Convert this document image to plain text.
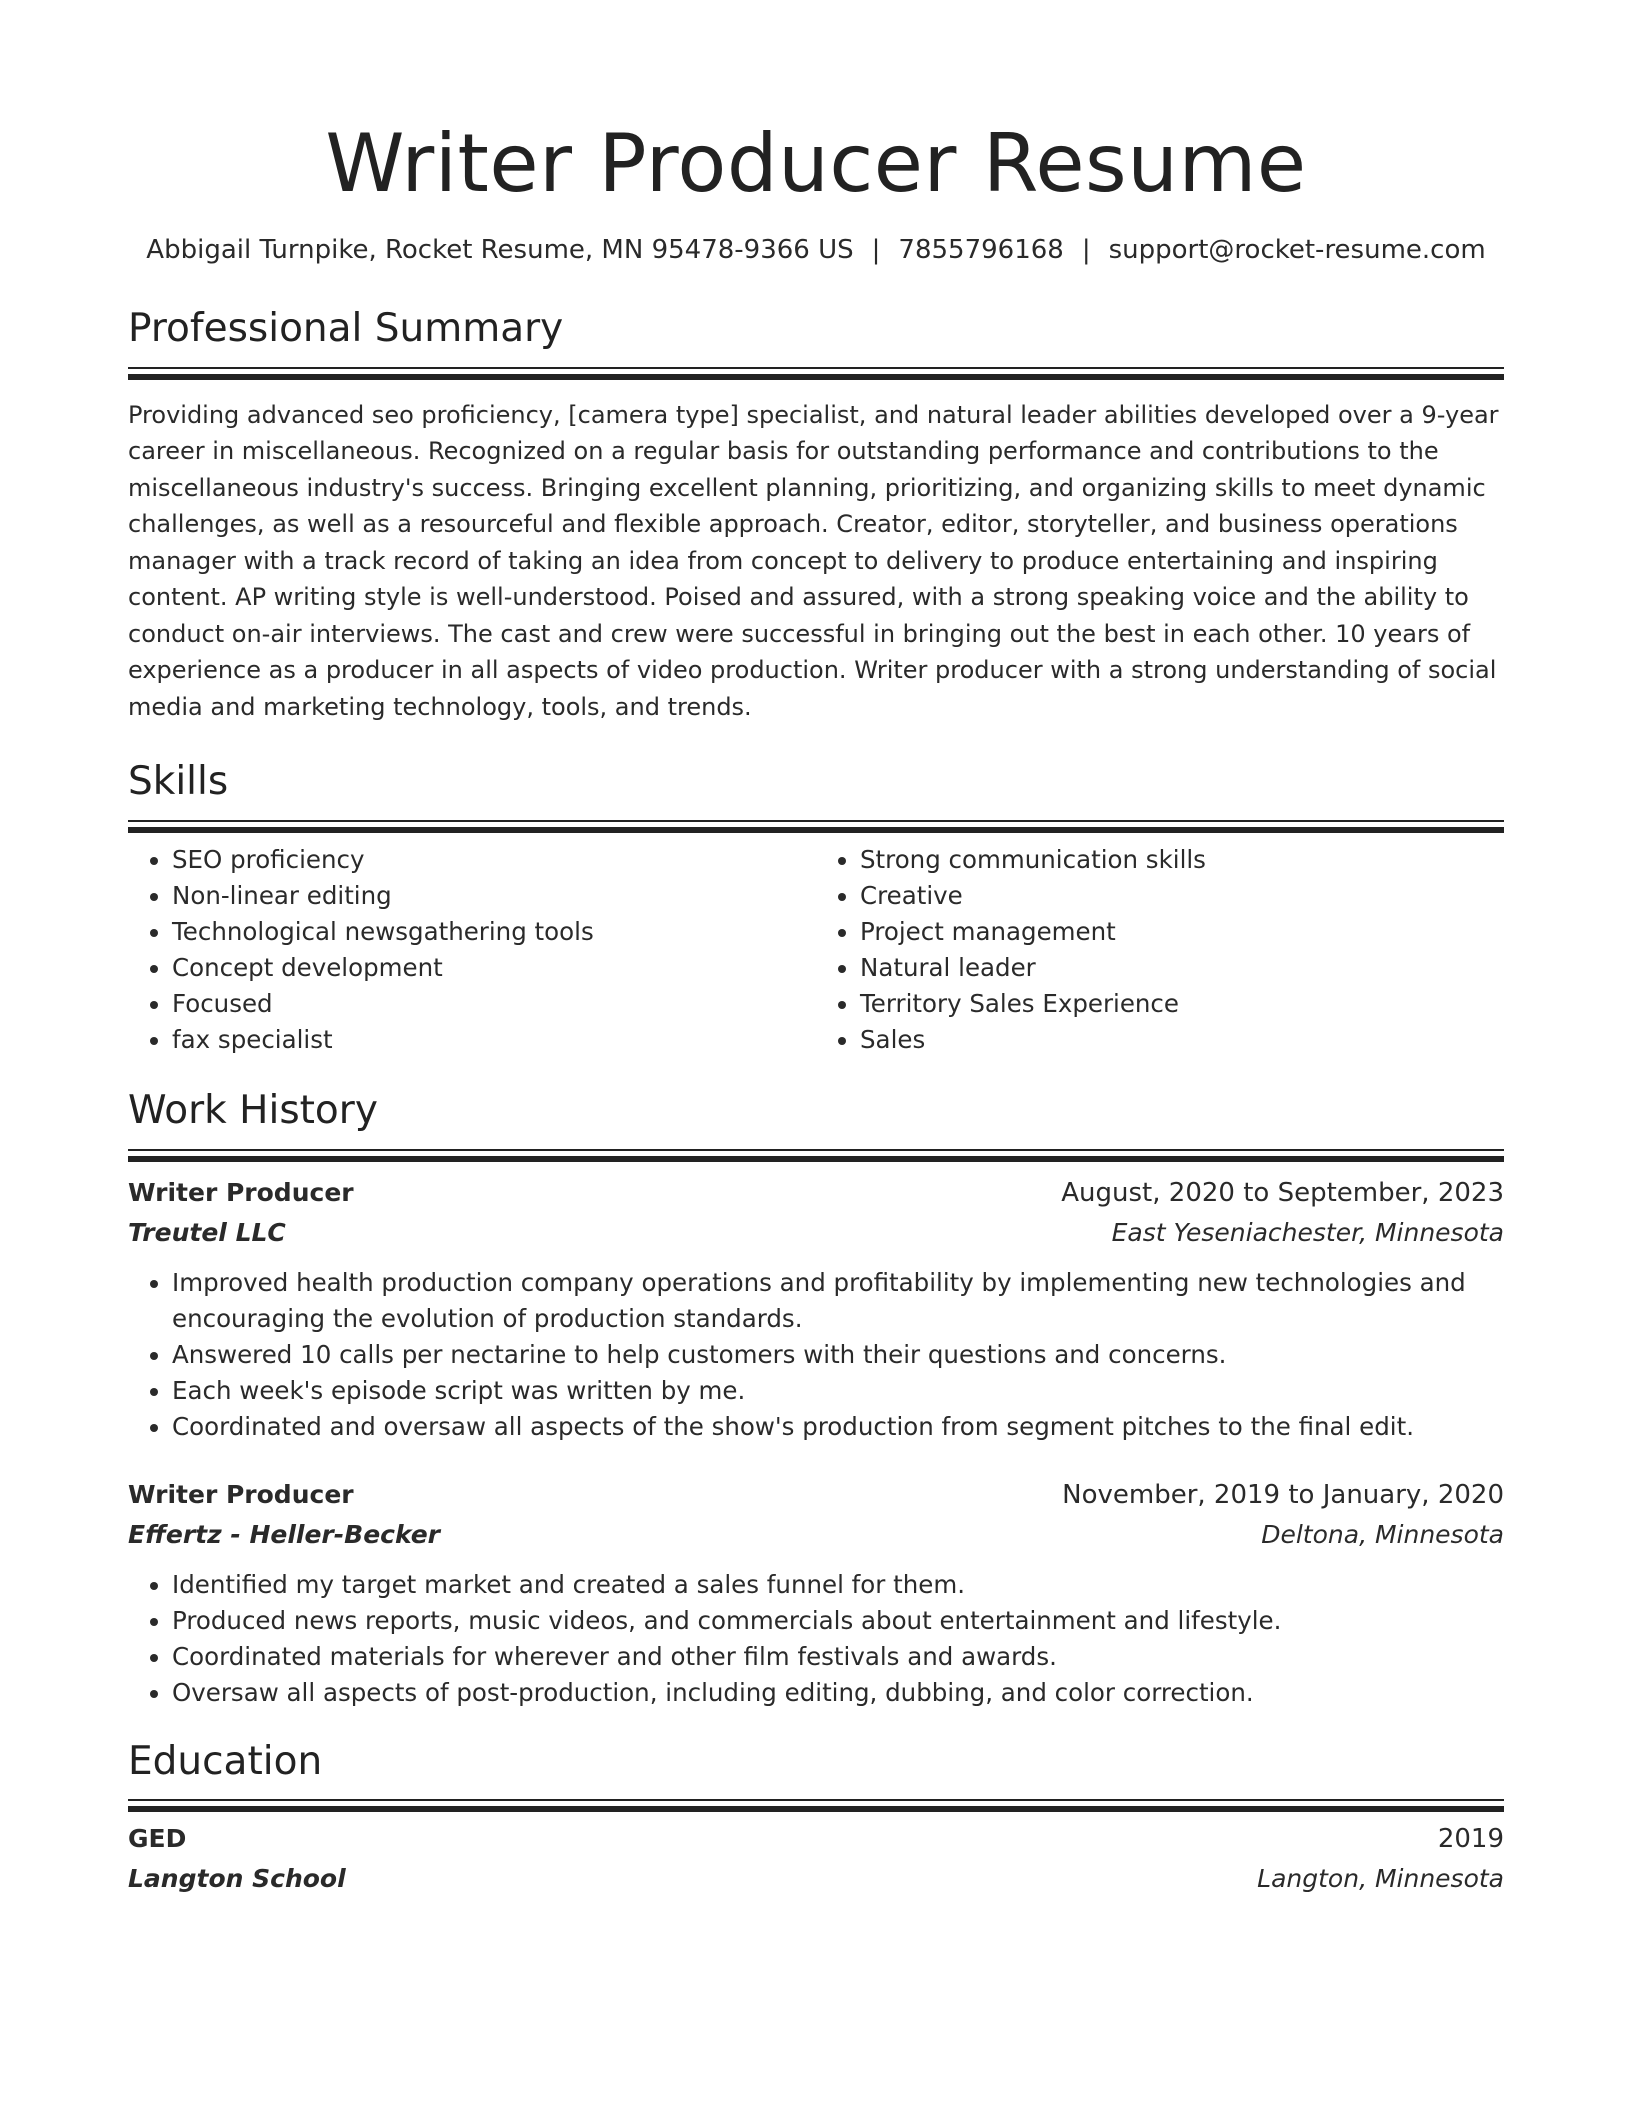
Writer Producer Resume
Abbigail Turnpike, Rocket Resume, MN 95478-9366 US | 7855796168 | support@rocket-resume.com
Professional Summary
Providing advanced seo proficiency, [camera type] specialist, and natural leader abilities developed over a 9-year career in miscellaneous. Recognized on a regular basis for outstanding performance and contributions to the miscellaneous industry's success. Bringing excellent planning, prioritizing, and organizing skills to meet dynamic challenges, as well as a resourceful and flexible approach. Creator, editor, storyteller, and business operations manager with a track record of taking an idea from concept to delivery to produce entertaining and inspiring content. AP writing style is well-understood. Poised and assured, with a strong speaking voice and the ability to conduct on-air interviews. The cast and crew were successful in bringing out the best in each other. 10 years of experience as a producer in all aspects of video production. Writer producer with a strong understanding of social media and marketing technology, tools, and trends.
Skills
• SEO proficiency
• Non-linear editing
• Technological newsgathering tools
• Concept development
• Focused
• fax specialist
• Strong communication skills
• Creative
• Project management
• Natural leader
• Territory Sales Experience
• Sales
Work History
Writer Producer	August, 2020 to September, 2023
Treutel LLC	East Yeseniachester, Minnesota
• Improved health production company operations and profitability by implementing new technologies and encouraging the evolution of production standards.
• Answered 10 calls per nectarine to help customers with their questions and concerns.
• Each week's episode script was written by me.
• Coordinated and oversaw all aspects of the show's production from segment pitches to the final edit.
Writer Producer	November, 2019 to January, 2020
Effertz - Heller-Becker	Deltona, Minnesota
• Identified my target market and created a sales funnel for them.
• Produced news reports, music videos, and commercials about entertainment and lifestyle.
• Coordinated materials for wherever and other film festivals and awards.
• Oversaw all aspects of post-production, including editing, dubbing, and color correction.
Education
GED	2019
Langton School	Langton, Minnesota
